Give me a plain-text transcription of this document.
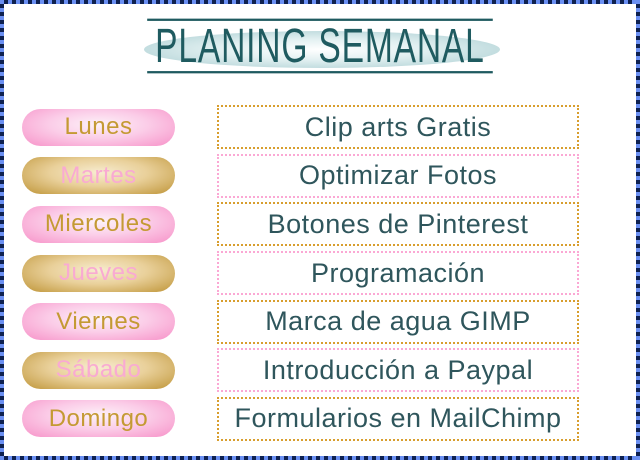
PLANING SEMANAL
Lunes	Clip arts Gratis
Martes	Optimizar Fotos
Miercoles	Botones de Pinterest
Jueves	Programación
Viernes	Marca de agua GIMP
Sábado	Introducción a Paypal
Domingo	Formularios en MailChimp
